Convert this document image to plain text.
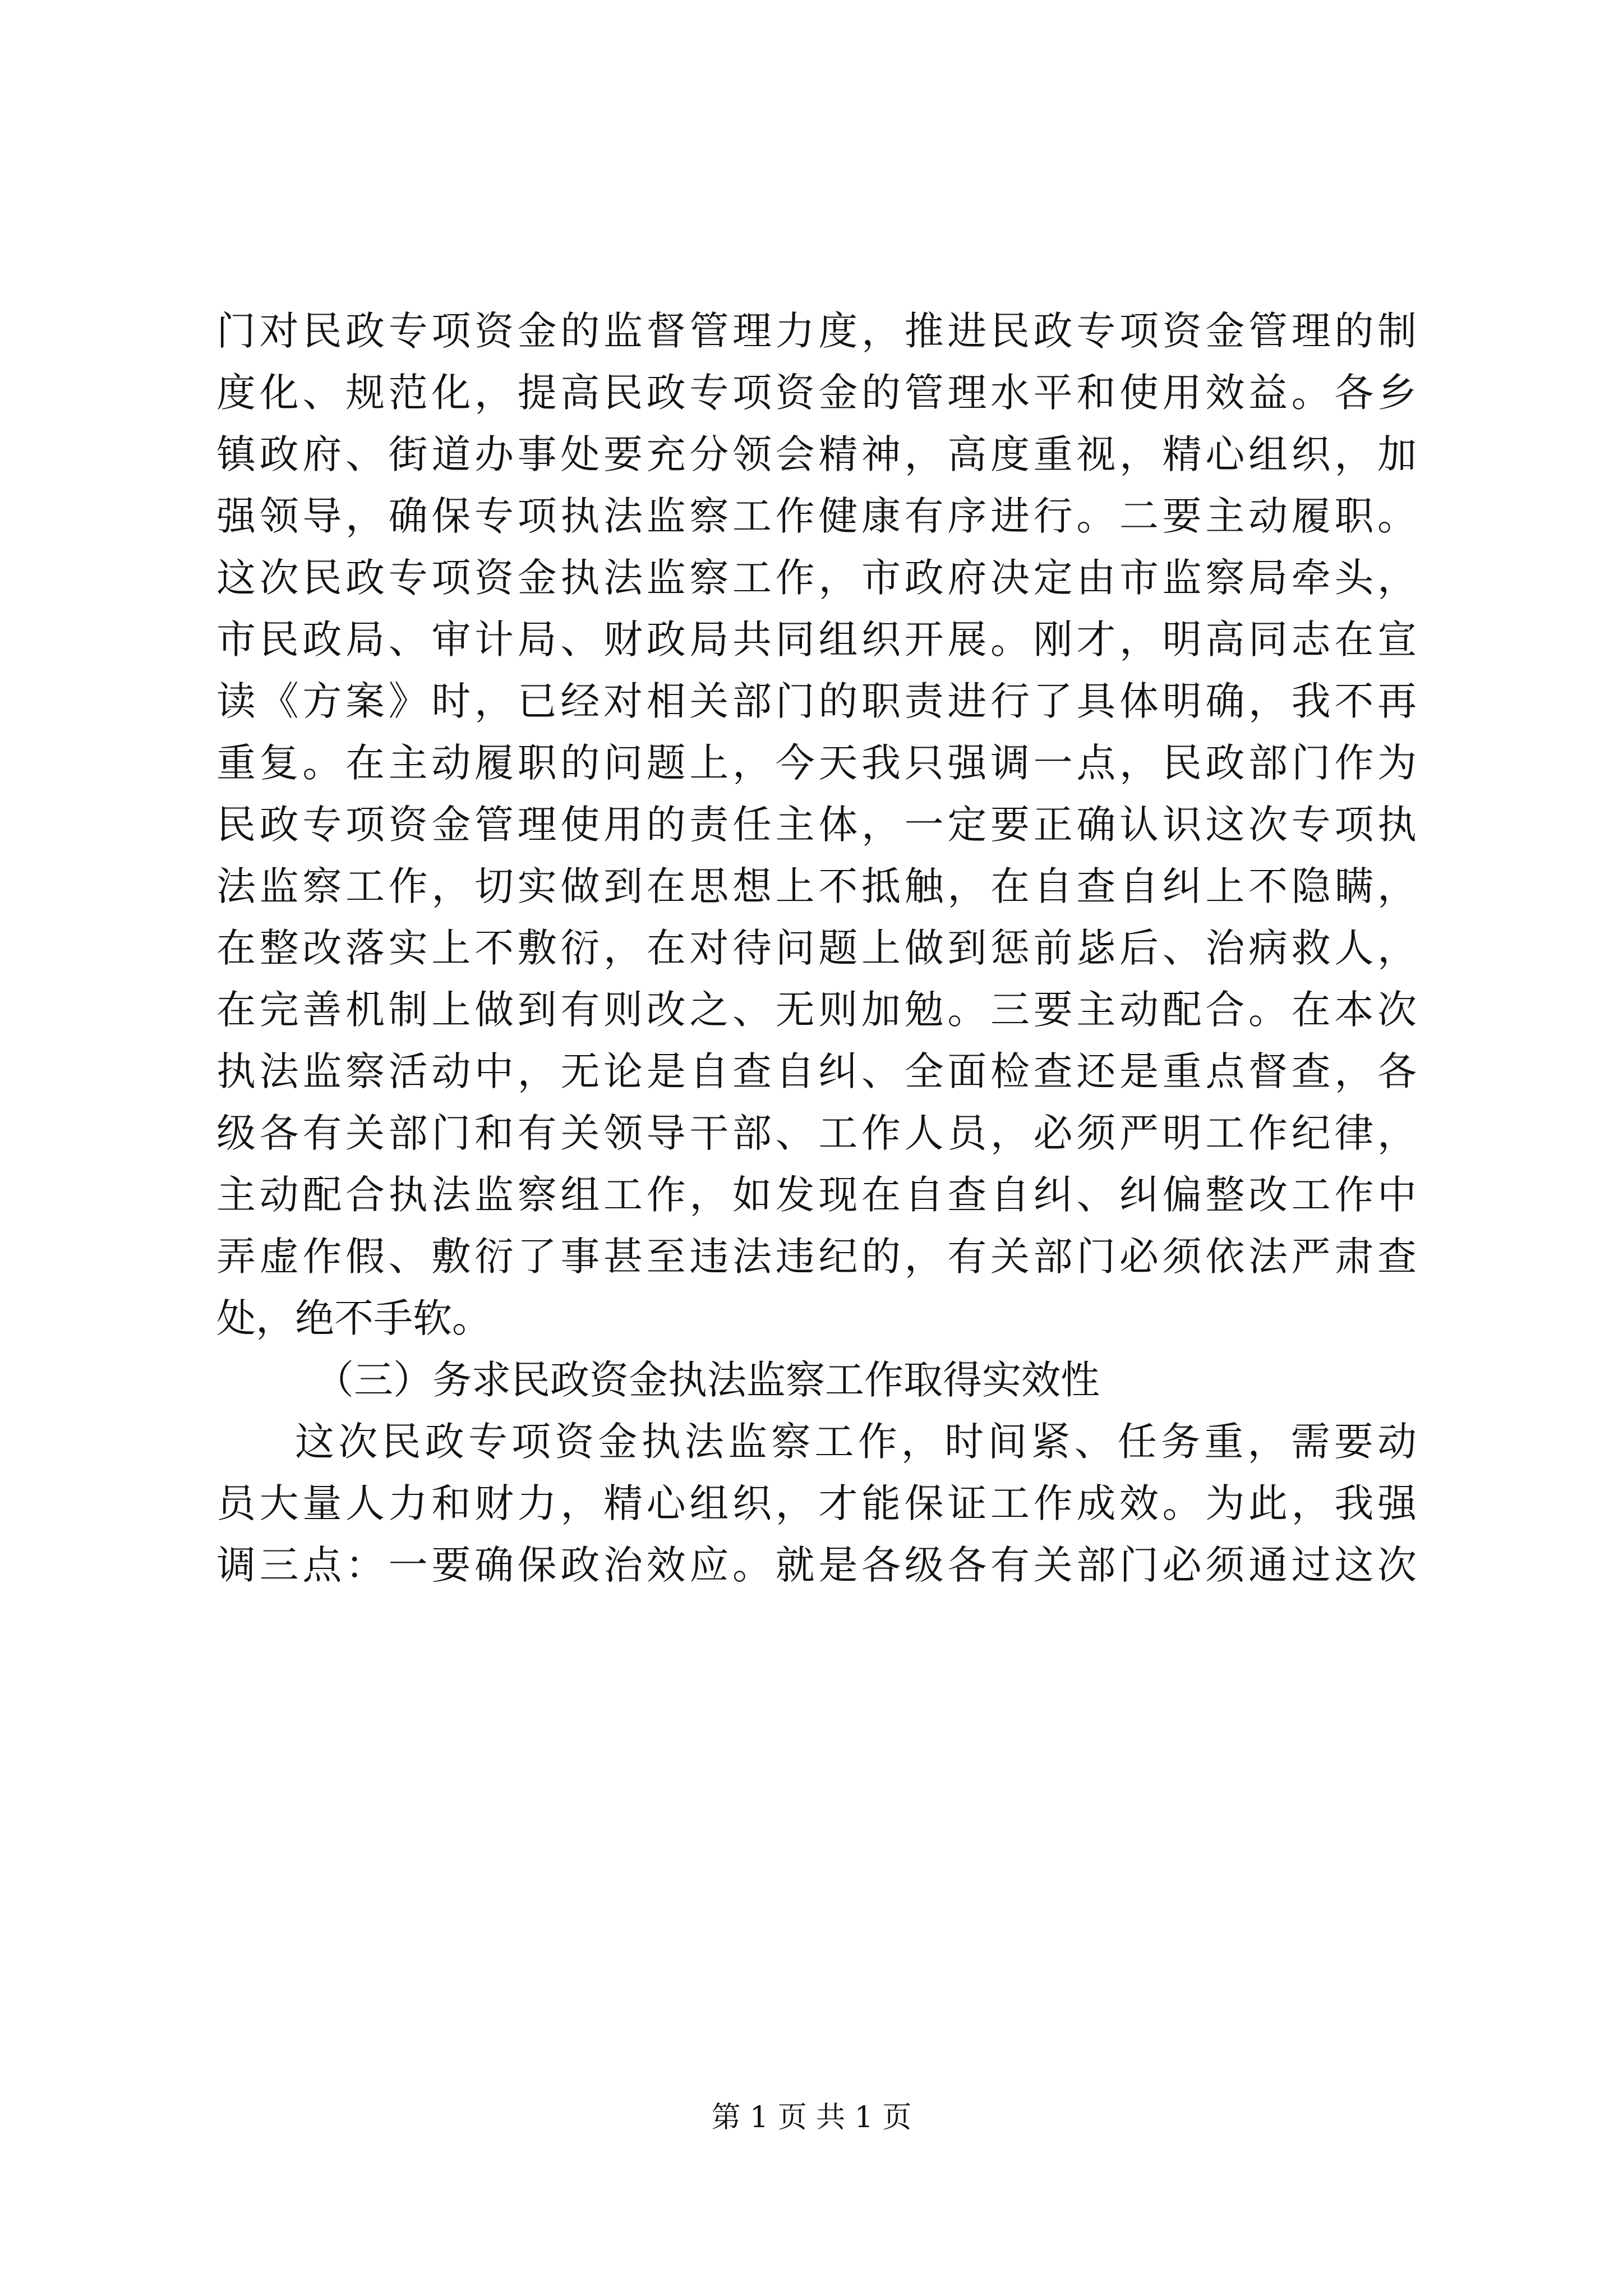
门对民政专项资金的监督管理力度，推进民政专项资金管理的制
度化、规范化，提高民政专项资金的管理水平和使用效益。各乡
镇政府、街道办事处要充分领会精神，高度重视，精心组织，加
强领导，确保专项执法监察工作健康有序进行。二要主动履职。
这次民政专项资金执法监察工作，市政府决定由市监察局牵头，
市民政局、审计局、财政局共同组织开展。刚才，明高同志在宣
读《方案》时，已经对相关部门的职责进行了具体明确，我不再
重复。在主动履职的问题上，今天我只强调一点，民政部门作为
民政专项资金管理使用的责任主体，一定要正确认识这次专项执
法监察工作，切实做到在思想上不抵触，在自查自纠上不隐瞒，
在整改落实上不敷衍，在对待问题上做到惩前毖后、治病救人，
在完善机制上做到有则改之、无则加勉。三要主动配合。在本次
执法监察活动中，无论是自查自纠、全面检查还是重点督查，各
级各有关部门和有关领导干部、工作人员，必须严明工作纪律，
主动配合执法监察组工作，如发现在自查自纠、纠偏整改工作中
弄虚作假、敷衍了事甚至违法违纪的，有关部门必须依法严肃查
处，绝不手软。
（三）务求民政资金执法监察工作取得实效性
这次民政专项资金执法监察工作，时间紧、任务重，需要动
员大量人力和财力，精心组织，才能保证工作成效。为此，我强
调三点：一要确保政治效应。就是各级各有关部门必须通过这次
第 1 页 共 1 页
